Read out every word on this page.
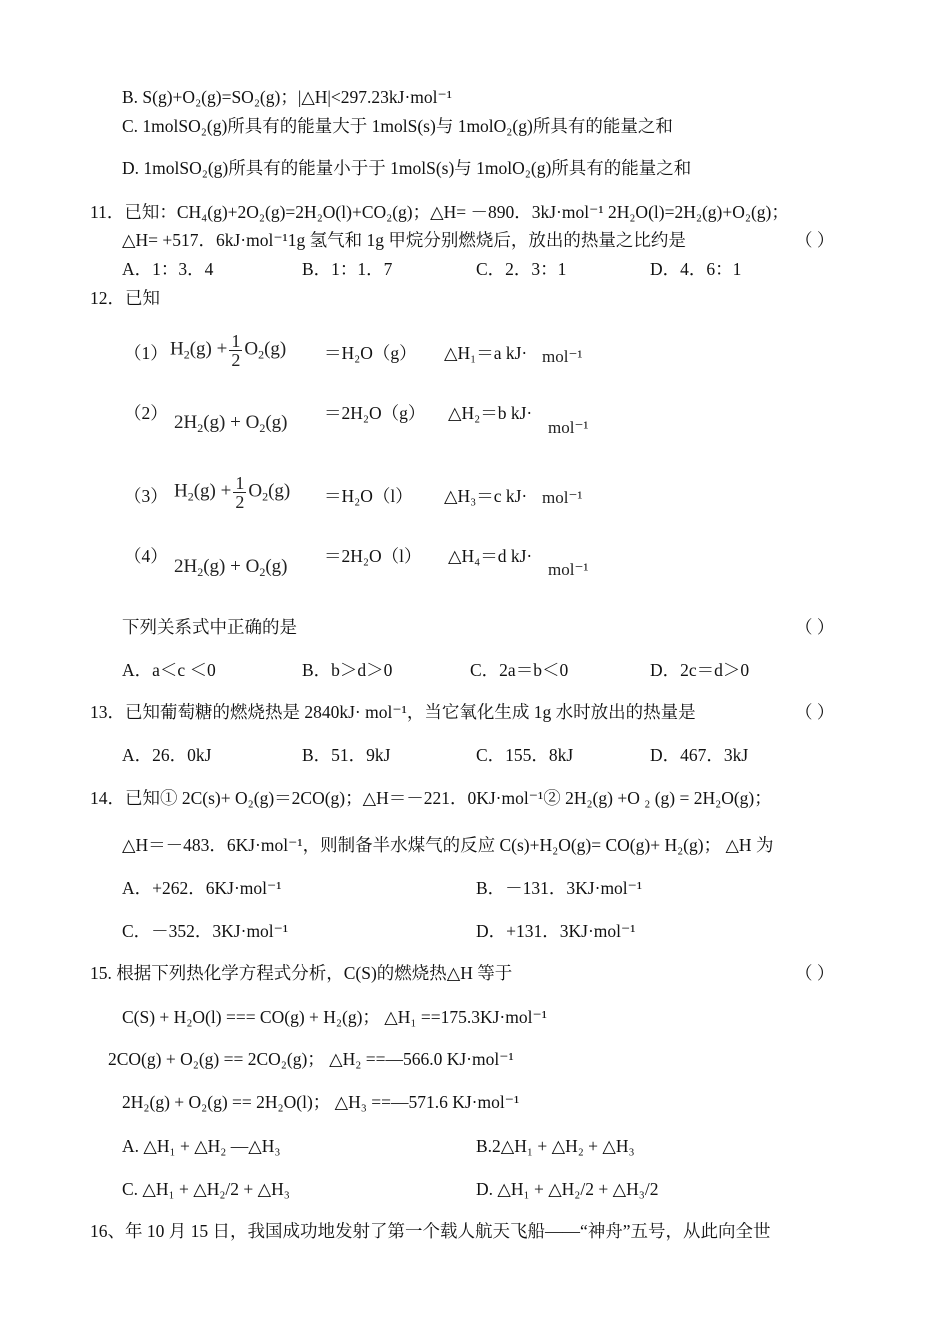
B. S(g)+O₂(g)=SO₂(g)；|△H|<297.23kJ·mol⁻¹
C. 1molSO₂(g)所具有的能量大于 1molS(s)与 1molO₂(g)所具有的能量之和
D. 1molSO₂(g)所具有的能量小于于 1molS(s)与 1molO₂(g)所具有的能量之和
11．已知：CH₄(g)+2O₂(g)=2H₂O(l)+CO₂(g)；△H= －890．3kJ·mol⁻¹ 2H₂O(l)=2H₂(g)+O₂(g)；
△H= +517．6kJ·mol⁻¹1g 氢气和 1g 甲烷分别燃烧后，放出的热量之比约是	（ ）
A．1：3．4	B．1：1．7	C．2．3：1	D．4．6：1
12．已知
（1） $H_2(g) + \frac{1}{2} O_2(g) =H_2O(g)$ △H₁＝a kJ· mol⁻¹
（2） $2H_2(g) + O_2(g) =2H_2O(g)$ △H₂＝b kJ·
mol⁻¹
（3） $H_2(g) + \frac{1}{2} O_2(g) =H_2O(l)$ △H₃＝c kJ· mol⁻¹
（4） $2H_2(g) + O_2(g) =2H_2O(l)$ △H₄＝d kJ·
mol⁻¹
下列关系式中正确的是	（ ）
A．a＜c ＜0	B．b＞d＞0	C．2a＝b＜0	D．2c＝d＞0
13．已知葡萄糖的燃烧热是 2840kJ· mol⁻¹，当它氧化生成 1g 水时放出的热量是	（ ）
A．26．0kJ	B．51．9kJ	C．155．8kJ	D．467．3kJ
14．已知① 2C(s)+ O₂(g)＝2CO(g)；△H＝－221．0KJ·mol⁻¹② 2H₂(g) +O ₂ (g) = 2H₂O(g)；
△H＝－483．6KJ·mol⁻¹，则制备半水煤气的反应 C(s)+H₂O(g)= CO(g)+ H₂(g)； △H 为
A．+262．6KJ·mol⁻¹	B．－131．3KJ·mol⁻¹
C．－352．3KJ·mol⁻¹	D．+131．3KJ·mol⁻¹
15. 根据下列热化学方程式分析，C(S)的燃烧热△H 等于	（ ）
C(S) + H₂O(l) === CO(g) + H₂(g)； △H₁ ==175.3KJ·mol⁻¹
2CO(g) + O₂(g) == 2CO₂(g)； △H₂ ==—566.0 KJ·mol⁻¹
2H₂(g) + O₂(g) == 2H₂O(l)； △H₃ ==—571.6 KJ·mol⁻¹
A. △H₁ + △H₂ —△H₃	B.2△H₁ + △H₂ + △H₃
C. △H₁ + △H₂/2 + △H₃	D. △H₁ + △H₂/2 + △H₃/2
16、年 10 月 15 日，我国成功地发射了第一个载人航天飞船——“神舟”五号，从此向全世
